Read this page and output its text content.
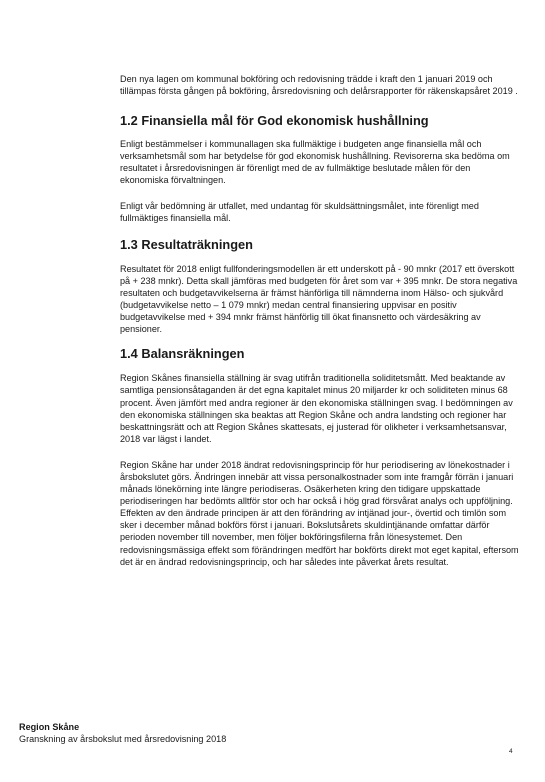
Den nya lagen om kommunal bokföring och redovisning trädde i kraft den 1 januari 2019 och tillämpas första gången på bokföring, årsredovisning och delårsrapporter för räkenskapsåret 2019 .

1.2 Finansiella mål för God ekonomisk hushållning

Enligt bestämmelser i kommunallagen ska fullmäktige i budgeten ange finansiella mål och verksamhetsmål som har betydelse för god ekonomisk hushållning. Revisorerna ska bedöma om resultatet i årsredovisningen är förenligt med de av fullmäktige beslutade målen för den ekonomiska förvaltningen.

Enligt vår bedömning är utfallet, med undantag för skuldsättningsmålet, inte förenligt med fullmäktiges finansiella mål.

1.3 Resultaträkningen

Resultatet för 2018 enligt fullfonderingsmodellen är ett underskott på - 90 mnkr (2017 ett överskott på + 238 mnkr). Detta skall jämföras med budgeten för året som var + 395 mnkr. De stora negativa resultaten och budgetavvikelserna är främst hänförliga till nämnderna inom Hälso- och sjukvård (budgetavvikelse netto – 1 079 mnkr) medan central finansiering uppvisar en positiv budgetavvikelse med + 394 mnkr främst hänförlig till ökat finansnetto och värdesäkring av pensioner.

1.4 Balansräkningen

Region Skånes finansiella ställning är svag utifrån traditionella soliditetsmått. Med beaktande av samtliga pensionsåtaganden är det egna kapitalet minus 20 miljarder kr och soliditeten minus 68 procent. Även jämfört med andra regioner är den ekonomiska ställningen svag. I bedömningen av den ekonomiska ställningen ska beaktas att Region Skåne och andra landsting och regioner har beskattningsrätt och att Region Skånes skattesats, ej justerad för olikheter i verksamhetsansvar, 2018 var lägst i landet.

Region Skåne har under 2018 ändrat redovisningsprincip för hur periodisering av lönekostnader i årsbokslutet görs. Ändringen innebär att vissa personalkostnader som inte framgår förrän i januari månads lönekörning inte längre periodiseras. Osäkerheten kring den tidigare uppskattade periodiseringen har bedömts alltför stor och har också i hög grad försvårat analys och uppföljning. Effekten av den ändrade principen är att den förändring av intjänad jour-, övertid och timlön som sker i december månad bokförs först i januari. Bokslutsårets skuldintjänande omfattar därför perioden november till november, men följer bokföringsfilerna från lönesystemet. Den redovisningsmässiga effekt som förändringen medfört har bokförts direkt mot eget kapital, eftersom det är en ändrad redovisningsprincip, och har således inte påverkat årets resultat.

Region Skåne
Granskning av årsbokslut med årsredovisning 2018
4
